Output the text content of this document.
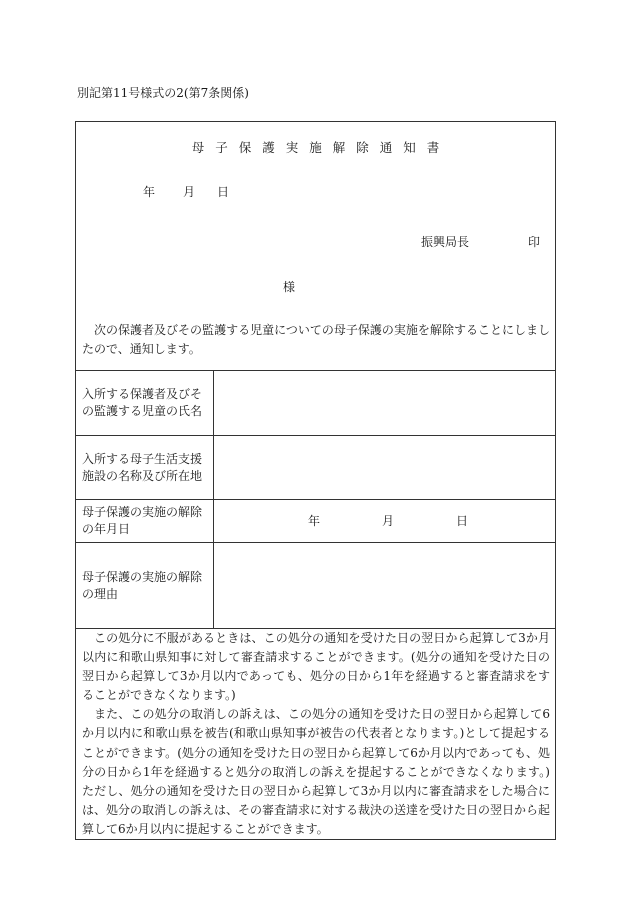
別記第11号様式の2(第7条関係)
母子保護実施解除通知書
年 月 日
振興局長	印
様
次の保護者及びその監護する児童についての母子保護の実施を解除することにしましたので、通知します。
入所する保護者及びその監護する児童の氏名	
入所する母子生活支援施設の名称及び所在地	
母子保護の実施の解除の年月日	年 月 日
母子保護の実施の解除の理由	

この処分に不服があるときは、この処分の通知を受けた日の翌日から起算して3か月以内に和歌山県知事に対して審査請求することができます。(処分の通知を受けた日の翌日から起算して3か月以内であっても、処分の日から1年を経過すると審査請求をすることができなくなります。)

また、この処分の取消しの訴えは、この処分の通知を受けた日の翌日から起算して6か月以内に和歌山県を被告(和歌山県知事が被告の代表者となります。)として提起することができます。(処分の通知を受けた日の翌日から起算して6か月以内であっても、処分の日から1年を経過すると処分の取消しの訴えを提起することができなくなります。)ただし、処分の通知を受けた日の翌日から起算して3か月以内に審査請求をした場合には、処分の取消しの訴えは、その審査請求に対する裁決の送達を受けた日の翌日から起算して6か月以内に提起することができます。
